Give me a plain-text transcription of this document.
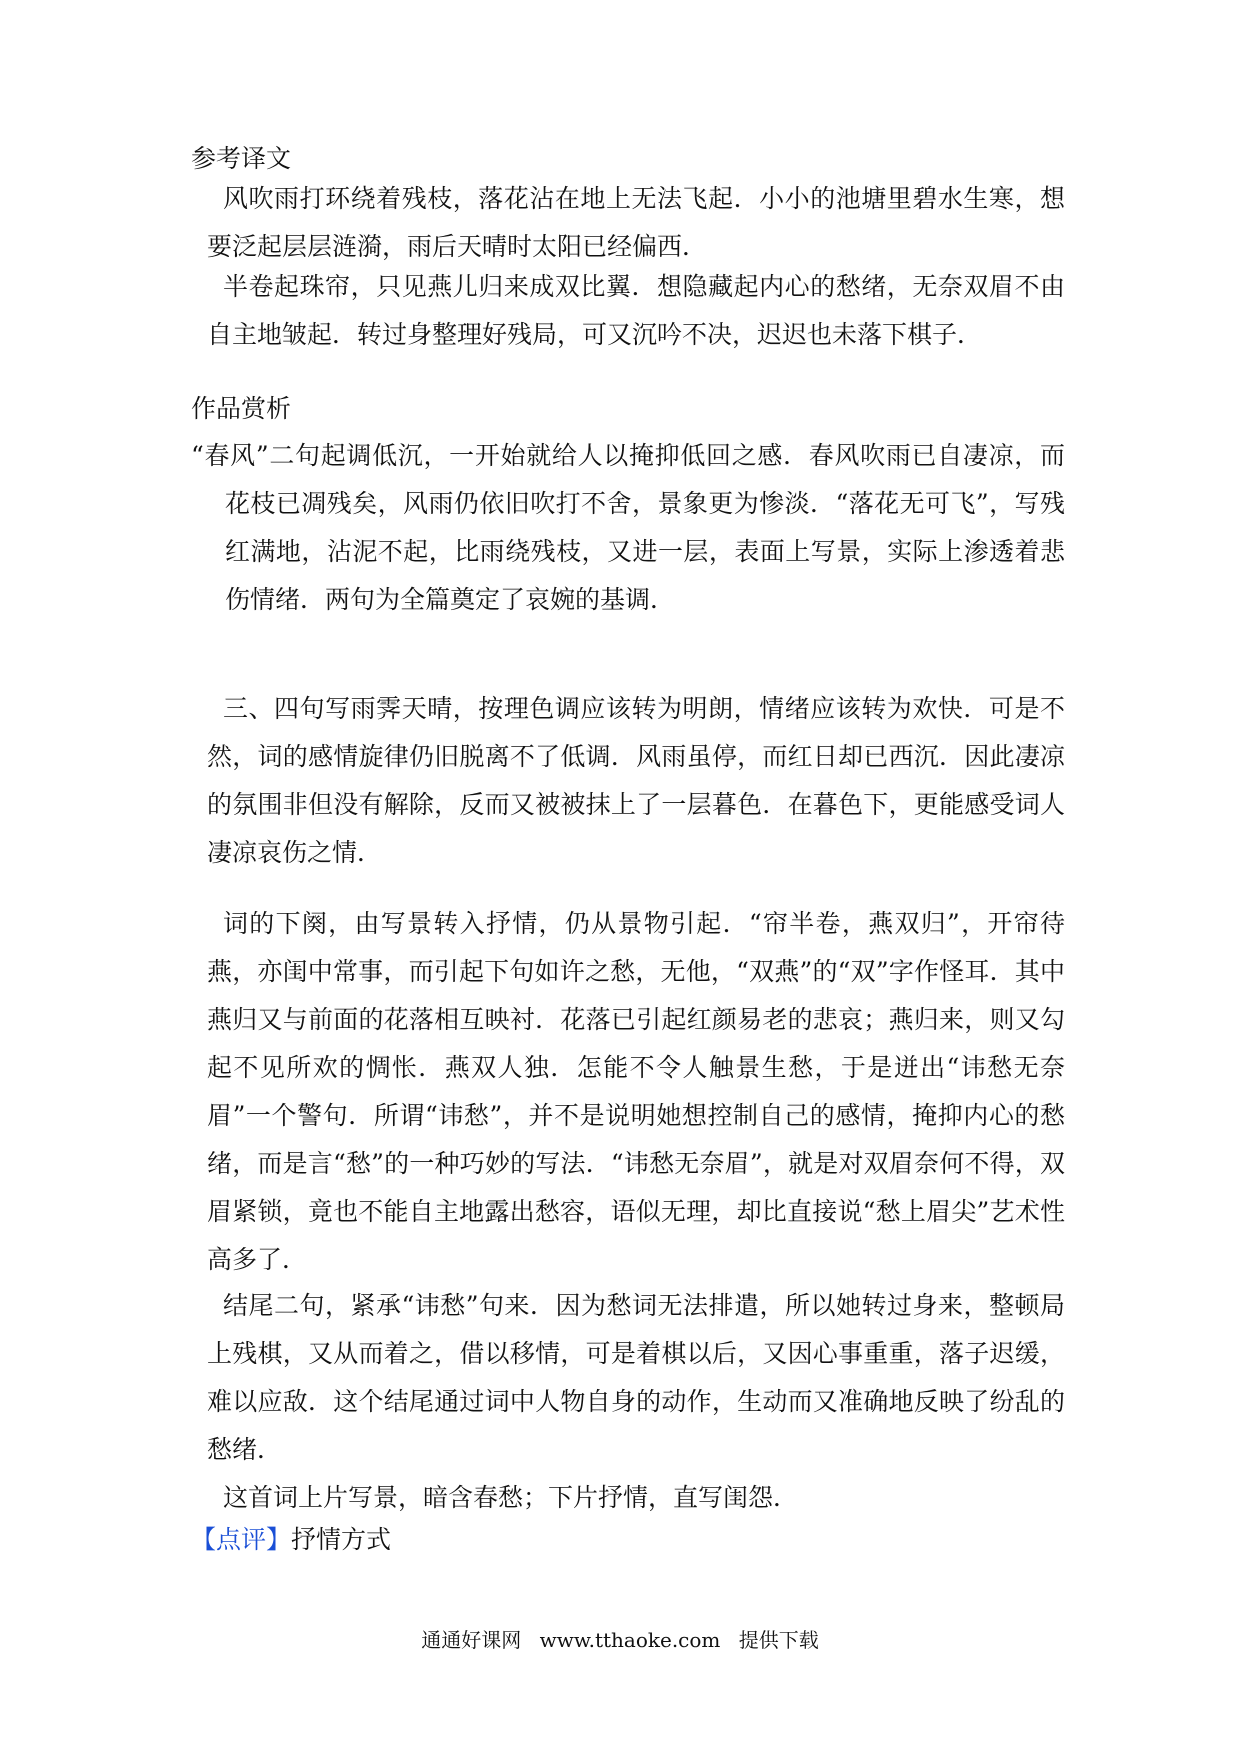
参考译文

风吹雨打环绕着残枝，落花沾在地上无法飞起．小小的池塘里碧水生寒，想要泛起层层涟漪，雨后天晴时太阳已经偏西．

半卷起珠帘，只见燕儿归来成双比翼．想隐藏起内心的愁绪，无奈双眉不由自主地皱起．转过身整理好残局，可又沉吟不决，迟迟也未落下棋子．

作品赏析

“春风”二句起调低沉，一开始就给人以掩抑低回之感．春风吹雨已自凄凉，而花枝已凋残矣，风雨仍依旧吹打不舍，景象更为惨淡．“落花无可飞”，写残红满地，沾泥不起，比雨绕残枝，又进一层，表面上写景，实际上渗透着悲伤情绪．两句为全篇奠定了哀婉的基调．

三、四句写雨霁天晴，按理色调应该转为明朗，情绪应该转为欢快．可是不然，词的感情旋律仍旧脱离不了低调．风雨虽停，而红日却已西沉．因此凄凉的氛围非但没有解除，反而又被被抹上了一层暮色．在暮色下，更能感受词人凄凉哀伤之情．

词的下阕，由写景转入抒情，仍从景物引起．“帘半卷，燕双归”，开帘待燕，亦闺中常事，而引起下句如许之愁，无他，“双燕”的“双”字作怪耳．其中燕归又与前面的花落相互映衬．花落已引起红颜易老的悲哀；燕归来，则又勾起不见所欢的惆怅．燕双人独．怎能不令人触景生愁，于是迸出“讳愁无奈眉”一个警句．所谓“讳愁”，并不是说明她想控制自己的感情，掩抑内心的愁绪，而是言“愁”的一种巧妙的写法．“讳愁无奈眉”，就是对双眉奈何不得，双眉紧锁，竟也不能自主地露出愁容，语似无理，却比直接说“愁上眉尖”艺术性高多了．

结尾二句，紧承“讳愁”句来．因为愁词无法排遣，所以她转过身来，整顿局上残棋，又从而着之，借以移情，可是着棋以后，又因心事重重，落子迟缓，难以应敌．这个结尾通过词中人物自身的动作，生动而又准确地反映了纷乱的愁绪．

这首词上片写景，暗含春愁；下片抒情，直写闺怨．

【点评】抒情方式

通通好课网 www.tthaoke.com 提供下载
